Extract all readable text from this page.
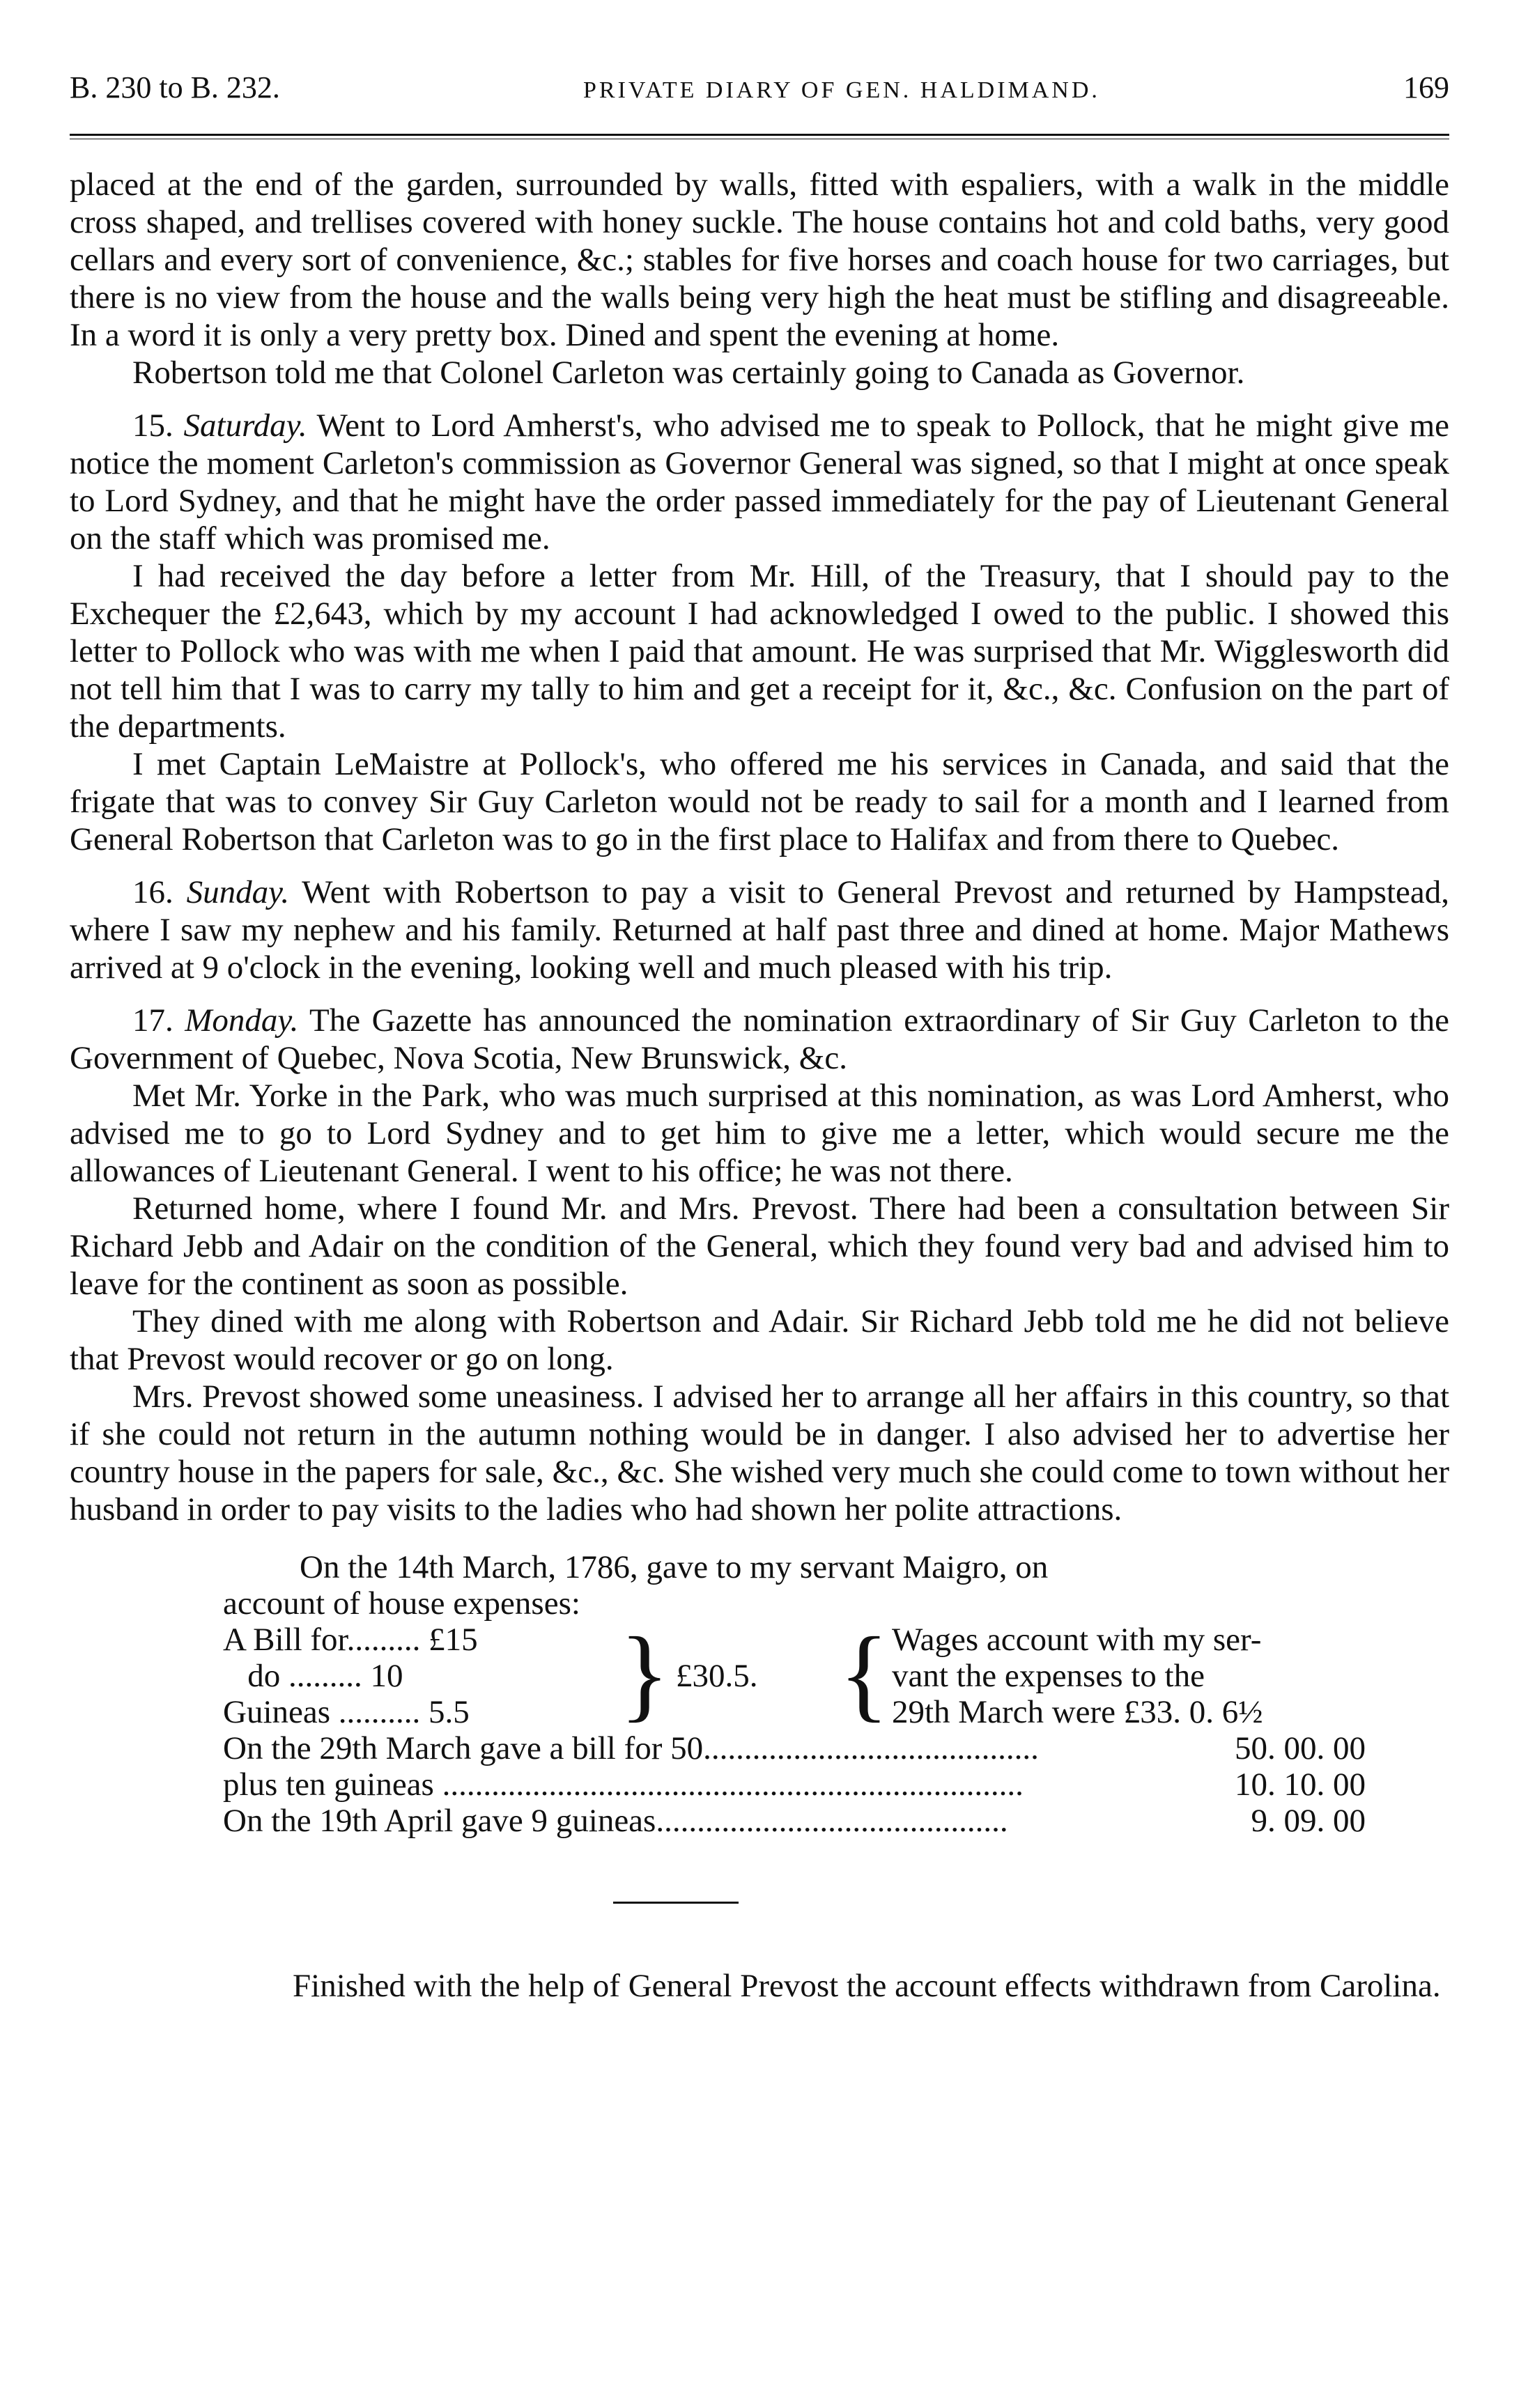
B. 230 to B. 232.	PRIVATE DIARY OF GEN. HALDIMAND.	169

placed at the end of the garden, surrounded by walls, fitted with espaliers, with a walk in the middle cross shaped, and trellises covered with honey suckle. The house contains hot and cold baths, very good cellars and every sort of convenience, &c.; stables for five horses and coach house for two carriages, but there is no view from the house and the walls being very high the heat must be stifling and disagreeable. In a word it is only a very pretty box. Dined and spent the evening at home.

Robertson told me that Colonel Carleton was certainly going to Canada as Governor.

15. Saturday. Went to Lord Amherst's, who advised me to speak to Pollock, that he might give me notice the moment Carleton's commission as Governor General was signed, so that I might at once speak to Lord Sydney, and that he might have the order passed immediately for the pay of Lieutenant General on the staff which was promised me.

I had received the day before a letter from Mr. Hill, of the Treasury, that I should pay to the Exchequer the £2,643, which by my account I had acknowledged I owed to the public. I showed this letter to Pollock who was with me when I paid that amount. He was surprised that Mr. Wigglesworth did not tell him that I was to carry my tally to him and get a receipt for it, &c., &c. Confusion on the part of the departments.

I met Captain LeMaistre at Pollock's, who offered me his services in Canada, and said that the frigate that was to convey Sir Guy Carleton would not be ready to sail for a month and I learned from General Robertson that Carleton was to go in the first place to Halifax and from there to Quebec.

16. Sunday. Went with Robertson to pay a visit to General Prevost and returned by Hampstead, where I saw my nephew and his family. Returned at half past three and dined at home. Major Mathews arrived at 9 o'clock in the evening, looking well and much pleased with his trip.

17. Monday. The Gazette has announced the nomination extraordinary of Sir Guy Carleton to the Government of Quebec, Nova Scotia, New Brunswick, &c.

Met Mr. Yorke in the Park, who was much surprised at this nomination, as was Lord Amherst, who advised me to go to Lord Sydney and to get him to give me a letter, which would secure me the allowances of Lieutenant General. I went to his office; he was not there.

Returned home, where I found Mr. and Mrs. Prevost. There had been a consultation between Sir Richard Jebb and Adair on the condition of the General, which they found very bad and advised him to leave for the continent as soon as possible.

They dined with me along with Robertson and Adair. Sir Richard Jebb told me he did not believe that Prevost would recover or go on long.

Mrs. Prevost showed some uneasiness. I advised her to arrange all her affairs in this country, so that if she could not return in the autumn nothing would be in danger. I also advised her to advertise her country house in the papers for sale, &c., &c. She wished very much she could come to town without her husband in order to pay visits to the ladies who had shown her polite attractions.

On the 14th March, 1786, gave to my servant Maigro, on
account of house expenses:
A Bill for......... £15
do ......... 10
Guineas .......... 5.5	} £30.5. { Wages account with my ser-
vant the expenses to the
29th March were £33. 0. 6½
On the 29th March gave a bill for 50.........................................	50. 00. 00
plus ten guineas .......................................................................	10. 10. 00
On the 19th April gave 9 guineas...........................................	9. 09. 00
Finished with the help of General Prevost the account effects withdrawn from Carolina.
